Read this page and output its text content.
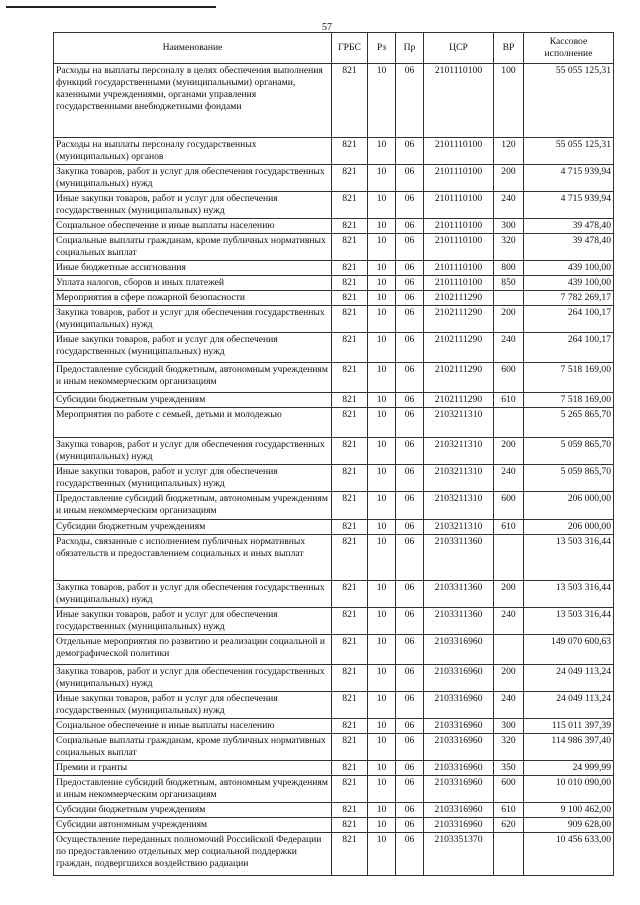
57
Наименование	ГРБС	Рз	Пр	ЦСР	ВР	Кассовое исполнение
Расходы на выплаты персоналу в целях обеспечения выполнения функций государственными (муниципальными) органами, казенными учреждениями, органами управления государственными внебюджетными фондами	821	10	06	2101110100	100	55 055 125,31
Расходы на выплаты персоналу государственных (муниципальных) органов	821	10	06	2101110100	120	55 055 125,31
Закупка товаров, работ и услуг для обеспечения государственных (муниципальных) нужд	821	10	06	2101110100	200	4 715 939,94
Иные закупки товаров, работ и услуг для обеспечения государственных (муниципальных) нужд	821	10	06	2101110100	240	4 715 939,94
Социальное обеспечение и иные выплаты населению	821	10	06	2101110100	300	39 478,40
Социальные выплаты гражданам, кроме публичных нормативных социальных выплат	821	10	06	2101110100	320	39 478,40
Иные бюджетные ассигнования	821	10	06	2101110100	800	439 100,00
Уплата налогов, сборов и иных платежей	821	10	06	2101110100	850	439 100,00
Мероприятия в сфере пожарной безопасности	821	10	06	2102111290		7 782 269,17
Закупка товаров, работ и услуг для обеспечения государственных (муниципальных) нужд	821	10	06	2102111290	200	264 100,17
Иные закупки товаров, работ и услуг для обеспечения государственных (муниципальных) нужд	821	10	06	2102111290	240	264 100,17
Предоставление субсидий бюджетным, автономным учреждениям и иным некоммерческим организациям	821	10	06	2102111290	600	7 518 169,00
Субсидии бюджетным учреждениям	821	10	06	2102111290	610	7 518 169,00
Мероприятия по работе с семьей, детьми и молодежью	821	10	06	2103211310		5 265 865,70
Закупка товаров, работ и услуг для обеспечения государственных (муниципальных) нужд	821	10	06	2103211310	200	5 059 865,70
Иные закупки товаров, работ и услуг для обеспечения государственных (муниципальных) нужд	821	10	06	2103211310	240	5 059 865,70
Предоставление субсидий бюджетным, автономным учреждениям и иным некоммерческим организациям	821	10	06	2103211310	600	206 000,00
Субсидии бюджетным учреждениям	821	10	06	2103211310	610	206 000,00
Расходы, связанные с исполнением публичных нормативных обязательств и предоставлением социальных и иных выплат	821	10	06	2103311360		13 503 316,44
Закупка товаров, работ и услуг для обеспечения государственных (муниципальных) нужд	821	10	06	2103311360	200	13 503 316,44
Иные закупки товаров, работ и услуг для обеспечения государственных (муниципальных) нужд	821	10	06	2103311360	240	13 503 316,44
Отдельные мероприятия по развитию и реализации социальной и демографической политики	821	10	06	2103316960		149 070 600,63
Закупка товаров, работ и услуг для обеспечения государственных (муниципальных) нужд	821	10	06	2103316960	200	24 049 113,24
Иные закупки товаров, работ и услуг для обеспечения государственных (муниципальных) нужд	821	10	06	2103316960	240	24 049 113,24
Социальное обеспечение и иные выплаты населению	821	10	06	2103316960	300	115 011 397,39
Социальные выплаты гражданам, кроме публичных нормативных социальных выплат	821	10	06	2103316960	320	114 986 397,40
Премии и гранты	821	10	06	2103316960	350	24 999,99
Предоставление субсидий бюджетным, автономным учреждениям и иным некоммерческим организациям	821	10	06	2103316960	600	10 010 090,00
Субсидии бюджетным учреждениям	821	10	06	2103316960	610	9 100 462,00
Субсидии автономным учреждениям	821	10	06	2103316960	620	909 628,00
Осуществление переданных полномочий Российской Федерации по предоставлению отдельных мер социальной поддержки граждан, подвергшихся воздействию радиации	821	10	06	2103351370		10 456 633,00
